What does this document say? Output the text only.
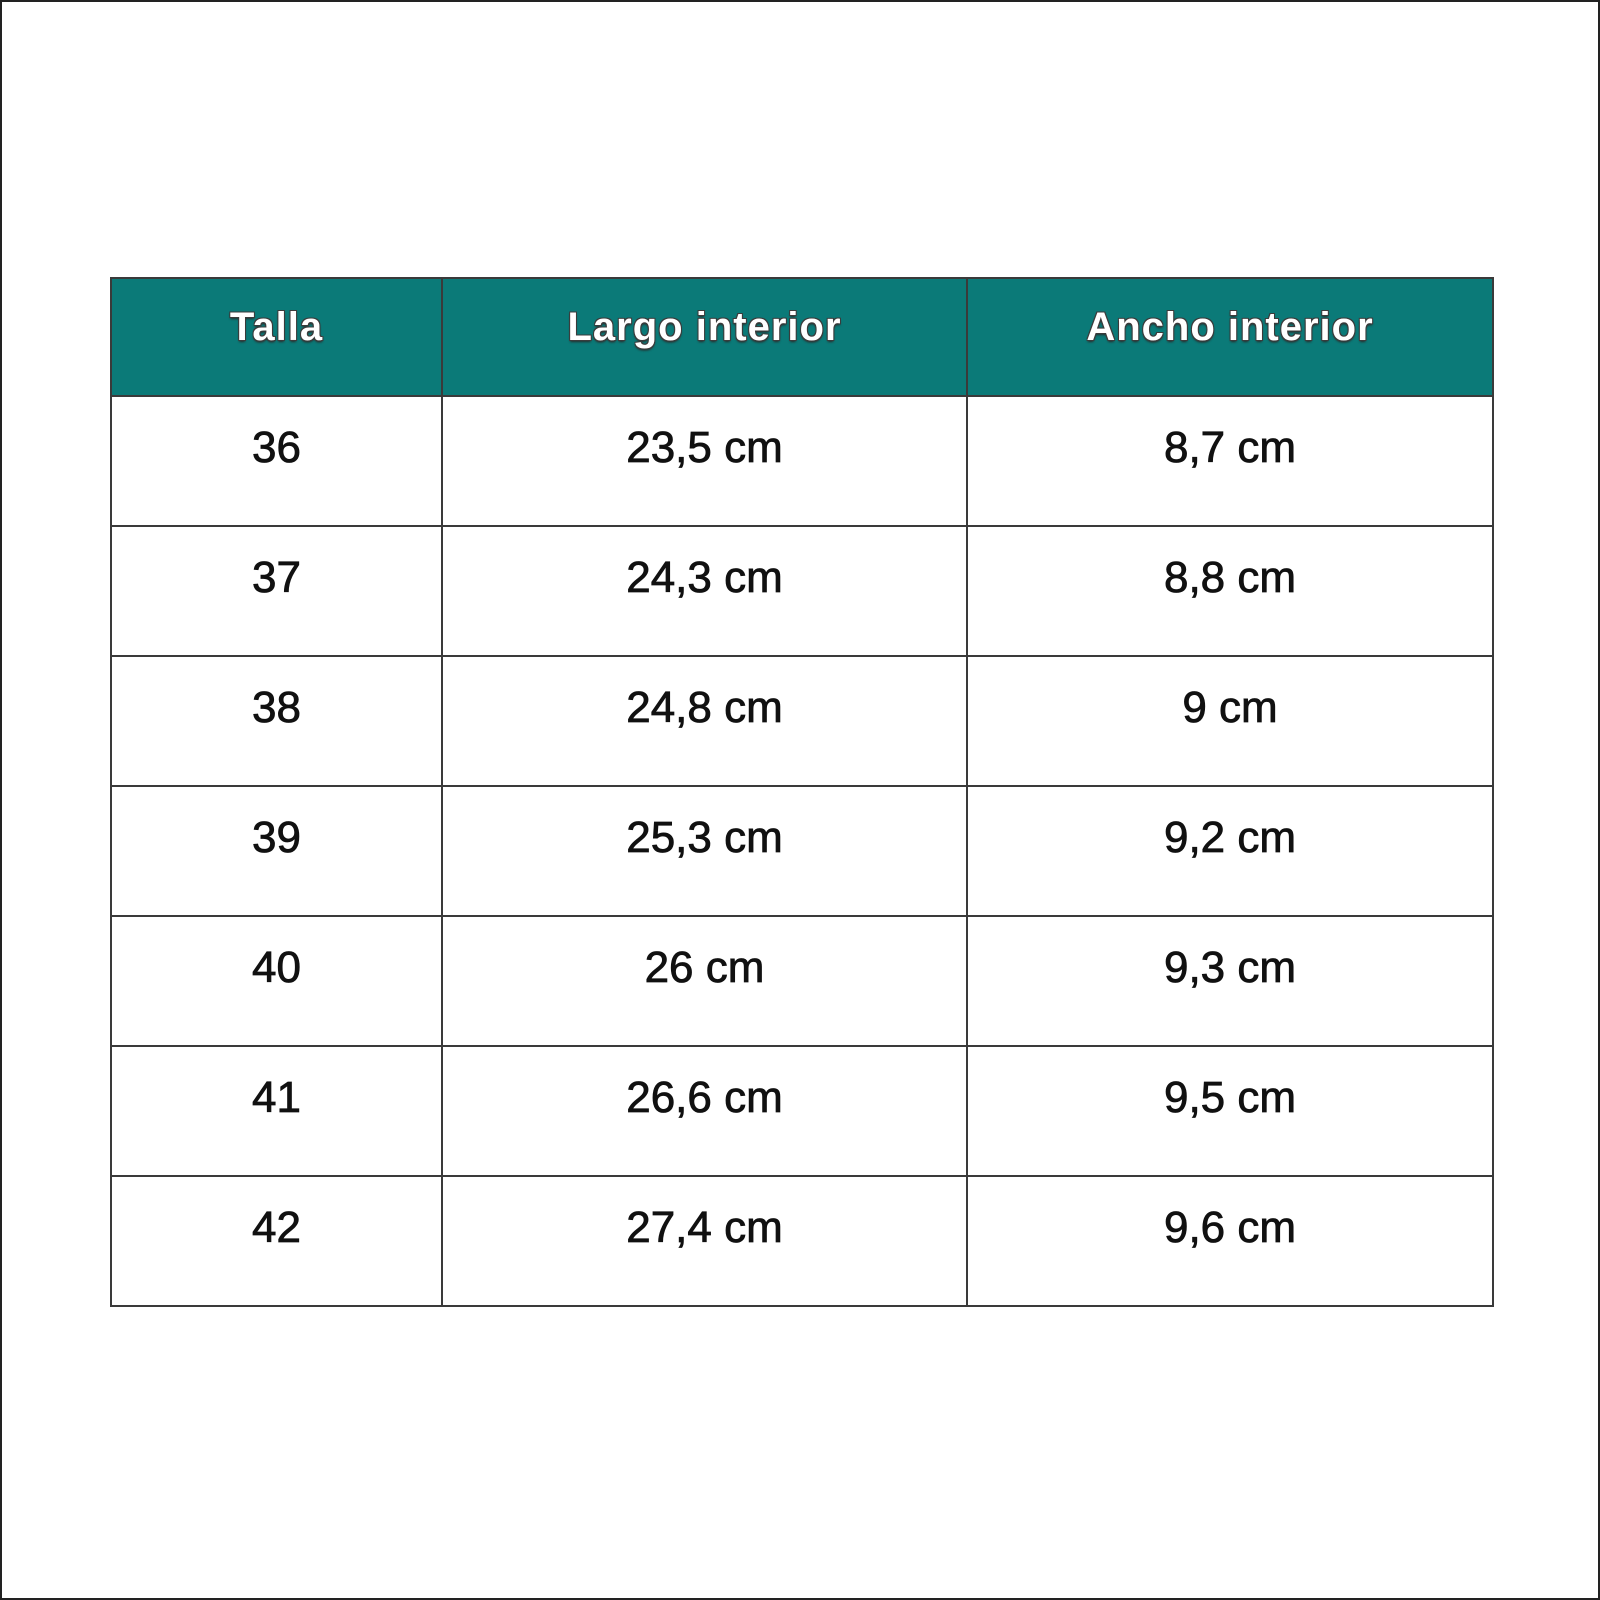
Talla	Largo interior	Ancho interior
36	23,5 cm	8,7 cm
37	24,3 cm	8,8 cm
38	24,8 cm	9 cm
39	25,3 cm	9,2 cm
40	26 cm	9,3 cm
41	26,6 cm	9,5 cm
42	27,4 cm	9,6 cm
